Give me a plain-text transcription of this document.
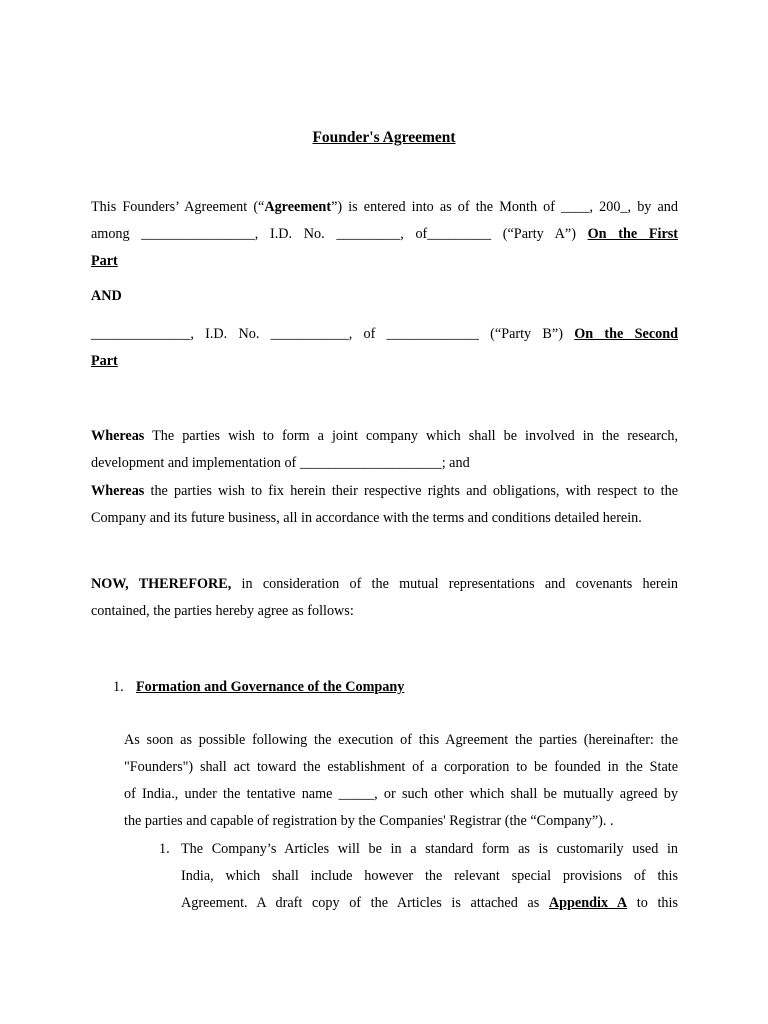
Founder's Agreement
This Founders’ Agreement (“Agreement”) is entered into as of the Month of ____, 200_, by and
among ________________, I.D. No. _________, of_________ (“Party A”) On the First
Part
AND
______________, I.D. No. ___________, of _____________ (“Party B”) On the Second
Part
Whereas The parties wish to form a joint company which shall be involved in the research,
development and implementation of ____________________; and
Whereas the parties wish to fix herein their respective rights and obligations, with respect to the
Company and its future business, all in accordance with the terms and conditions detailed herein.
NOW, THEREFORE, in consideration of the mutual representations and covenants herein
contained, the parties hereby agree as follows:
1. Formation and Governance of the Company
As soon as possible following the execution of this Agreement the parties (hereinafter: the
"Founders") shall act toward the establishment of a corporation to be founded in the State
of India., under the tentative name _____, or such other which shall be mutually agreed by
the parties and capable of registration by the Companies' Registrar (the “Company”). .
1. The Company’s Articles will be in a standard form as is customarily used in
India, which shall include however the relevant special provisions of this
Agreement. A draft copy of the Articles is attached as Appendix A to this
